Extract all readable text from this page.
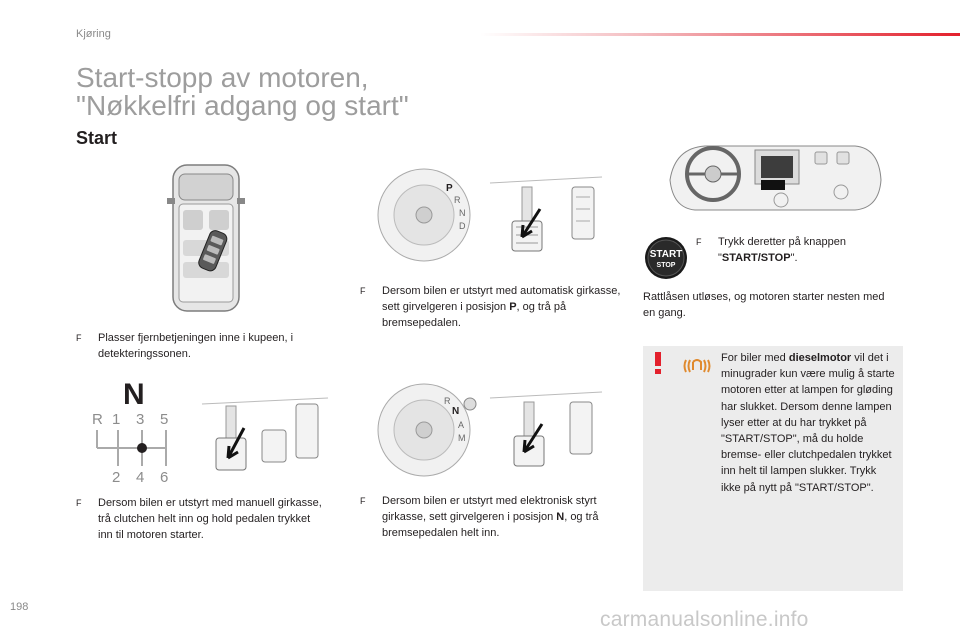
Kjøring
Start-stopp av motoren,
"Nøkkelfri adgang og start"
Start
F	Plasser fjernbetjeningen inne i kupeen, i detekteringssonen.
P
R
N
D
F	Dersom bilen er utstyrt med automatisk girkasse, sett girvelgeren i posisjon P, og trå på bremsepedalen.
START
STOP
F	Trykk deretter på knappen "START/STOP".
Rattlåsen utløses, og motoren starter nesten med en gang.
N
R 1 3 5
2 4 6
F	Dersom bilen er utstyrt med manuell girkasse, trå clutchen helt inn og hold pedalen trykket inn til motoren starter.
R
N
A
M
F	Dersom bilen er utstyrt med elektronisk styrt girkasse, sett girvelgeren i posisjon N, og trå bremsepedalen helt inn.
For biler med dieselmotor vil det i minugrader kun være mulig å starte motoren etter at lampen for gløding har slukket. Dersom denne lampen lyser etter at du har trykket på "START/STOP", må du holde bremse- eller clutchpedalen trykket inn helt til lampen slukker. Trykk ikke på nytt på "START/STOP".
198
carmanualsonline.info
